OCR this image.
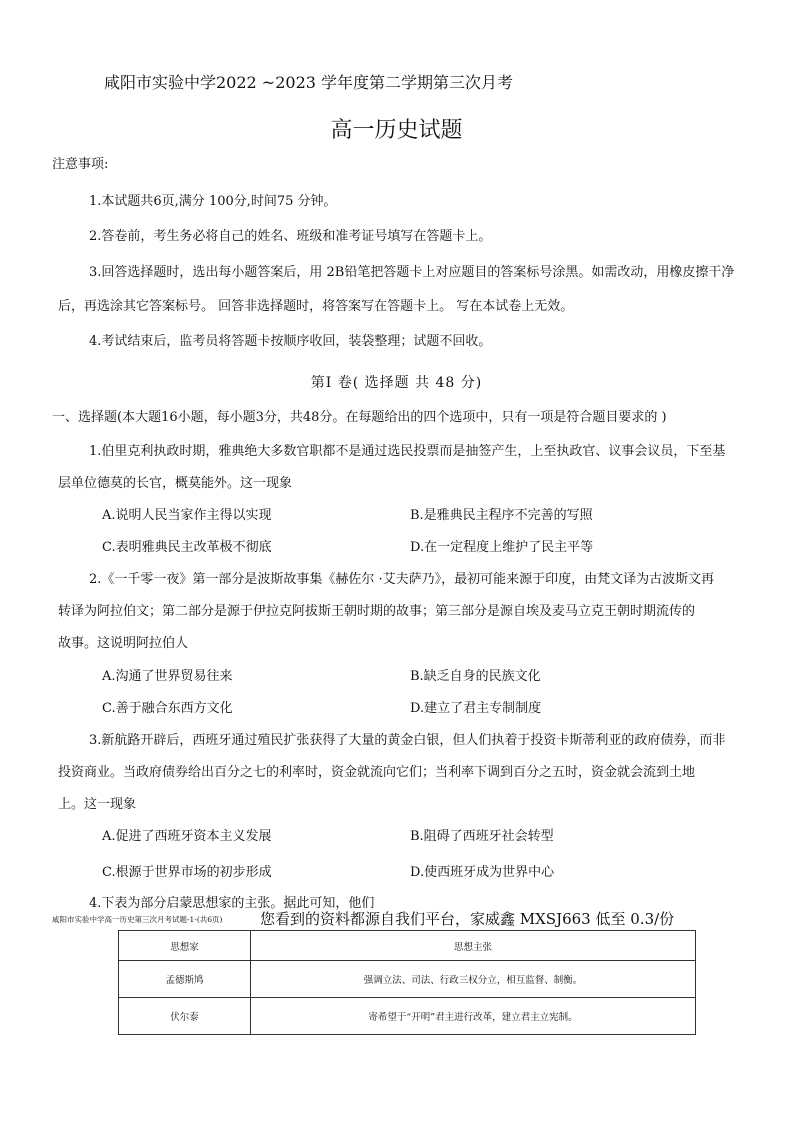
咸阳市实验中学2022 ~2023 学年度第二学期第三次月考
高一历史试题
注意事项:
1.本试题共6页,满分 100分,时间75 分钟。
2.答卷前，考生务必将自己的姓名、班级和准考证号填写在答题卡上。
3.回答选择题时，选出每小题答案后，用 2B铅笔把答题卡上对应题目的答案标号涂黑。如需改动，用橡皮擦干净
后，再选涂其它答案标号。 回答非选择题时，将答案写在答题卡上。 写在本试卷上无效。
4.考试结束后，监考员将答题卡按顺序收回，装袋整理；试题不回收。
第Ⅰ 卷( 选择题 共 48 分)
一、选择题(本大题16小题，每小题3分，共48分。在每题给出的四个选项中，只有一项是符合题目要求的 )
1.伯里克利执政时期，雅典绝大多数官职都不是通过选民投票而是抽签产生，上至执政官、议事会议员，下至基
层单位德莫的长官，概莫能外。这一现象
A.说明人民当家作主得以实现	B.是雅典民主程序不完善的写照
C.表明雅典民主改革极不彻底	D.在一定程度上维护了民主平等
2.《一千零一夜》第一部分是波斯故事集《赫佐尔 ·艾夫萨乃》，最初可能来源于印度，由梵文译为古波斯文再
转译为阿拉伯文；第二部分是源于伊拉克阿拔斯王朝时期的故事；第三部分是源自埃及麦马立克王朝时期流传的
故事。这说明阿拉伯人
A.沟通了世界贸易往来	B.缺乏自身的民族文化
C.善于融合东西方文化	D.建立了君主专制制度
3.新航路开辟后，西班牙通过殖民扩张获得了大量的黄金白银，但人们执着于投资卡斯蒂利亚的政府债券，而非
投资商业。当政府债券给出百分之七的利率时，资金就流向它们；当利率下调到百分之五时，资金就会流到土地
上。这一现象
A.促进了西班牙资本主义发展	B.阻碍了西班牙社会转型
C.根源于世界市场的初步形成	D.使西班牙成为世界中心
4.下表为部分启蒙思想家的主张。据此可知，他们
咸阳市实验中学高一历史第三次月考试题-1-(共6页)	您看到的资料都源自我们平台，家威鑫 MXSJ663 低至 0.3/份
思想家	思想主张
孟德斯鸠	强调立法、司法、行政三权分立，相互监督、制衡。
伏尔泰	寄希望于“开明”君主进行改革，建立君主立宪制。
